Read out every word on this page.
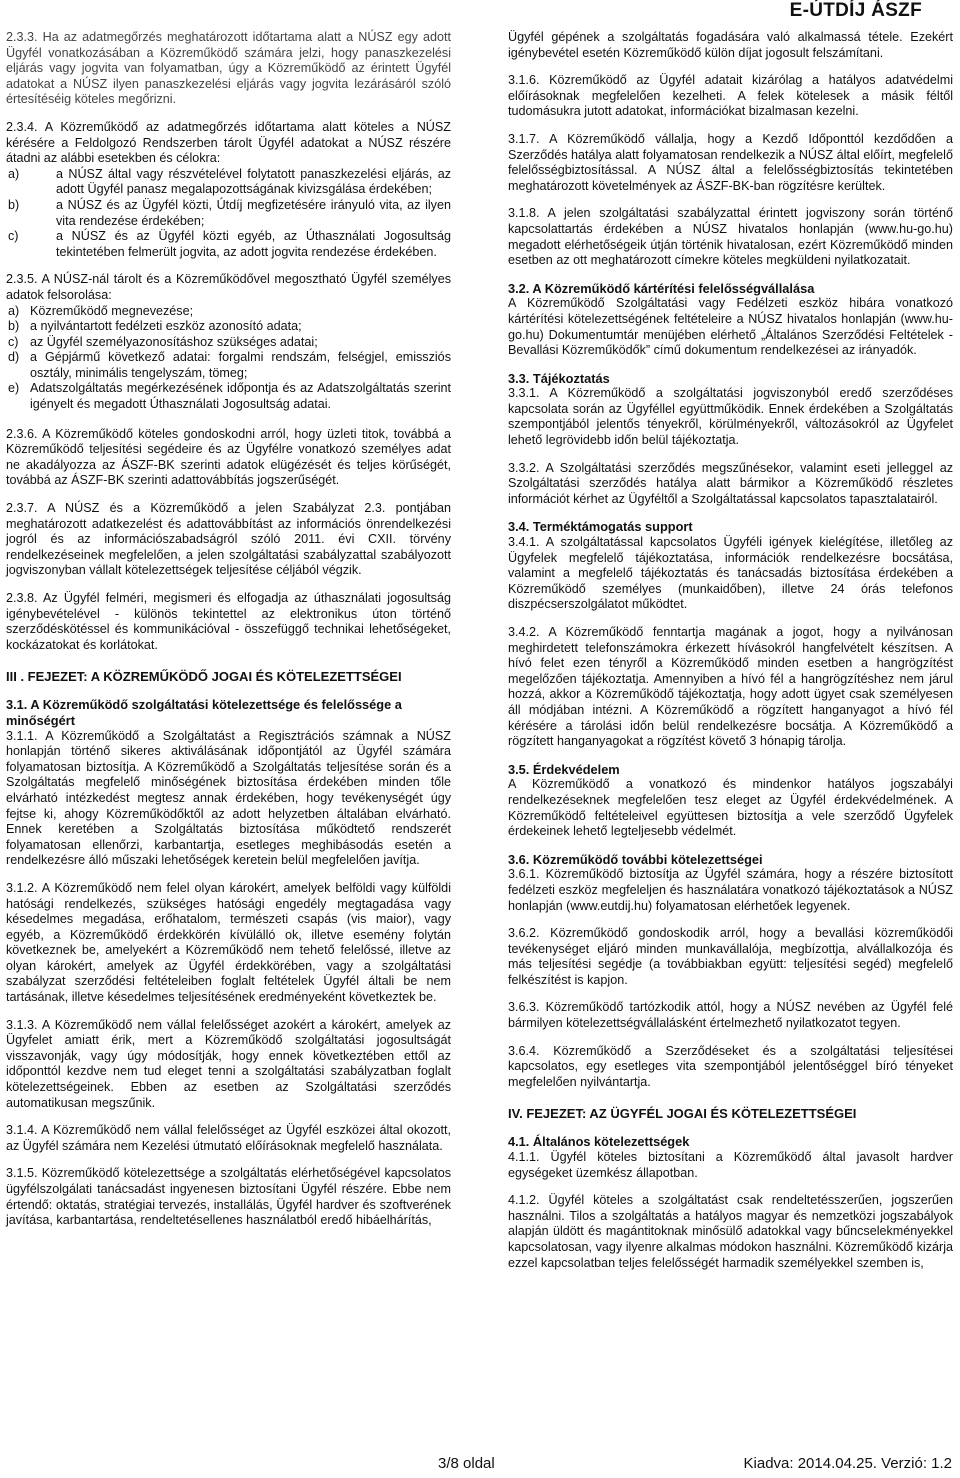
E-ÚTDÍJ ÁSZF

2.3.3. Ha az adatmegőrzés meghatározott időtartama alatt a NÚSZ egy adott Ügyfél vonatkozásában a Közreműködő számára jelzi, hogy panaszkezelési eljárás vagy jogvita van folyamatban, úgy a Közreműködő az érintett Ügyfél adatokat a NÚSZ ilyen panaszkezelési eljárás vagy jogvita lezárásáról szóló értesítéséig köteles megőrizni.

2.3.4. A Közreműködő az adatmegőrzés időtartama alatt köteles a NÚSZ kérésére a Feldolgozó Rendszerben tárolt Ügyfél adatokat a NÚSZ részére átadni az alábbi esetekben és célokra:

a)	a NÚSZ által vagy részvételével folytatott panaszkezelési eljárás, az adott Ügyfél panasz megalapozottságának kivizsgálása érdekében;
b)	a NÚSZ és az Ügyfél közti, Útdíj megfizetésére irányuló vita, az ilyen vita rendezése érdekében;
c)	a NÚSZ és az Ügyfél közti egyéb, az Úthasználati Jogosultság tekintetében felmerült jogvita, az adott jogvita rendezése érdekében.

2.3.5. A NÚSZ-nál tárolt és a Közreműködővel megosztható Ügyfél személyes adatok felsorolása:

a) Közreműködő megnevezése;
b) a nyilvántartott fedélzeti eszköz azonosító adata;
c) az Ügyfél személyazonosításhoz szükséges adatai;
d) a Gépjármű következő adatai: forgalmi rendszám, felségjel, emissziós osztály, minimális tengelyszám, tömeg;
e) Adatszolgáltatás megérkezésének időpontja és az Adatszolgáltatás szerint igényelt és megadott Úthasználati Jogosultság adatai.

2.3.6. A Közreműködő köteles gondoskodni arról, hogy üzleti titok, továbbá a Közreműködő teljesítési segédeire és az Ügyfélre vonatkozó személyes adat ne akadályozza az ÁSZF-BK szerinti adatok elügézését és teljes körűségét, továbbá az ÁSZF-BK szerinti adattovábbítás jogszerűségét.

2.3.7. A NÚSZ és a Közreműködő a jelen Szabályzat 2.3. pontjában meghatározott adatkezelést és adattovábbítást az információs önrendelkezési jogról és az információszabadságról szóló 2011. évi CXII. törvény rendelkezéseinek megfelelően, a jelen szolgáltatási szabályzattal szabályozott jogviszonyban vállalt kötelezettségek teljesítése céljából végzik.

2.3.8. Az Ügyfél felméri, megismeri és elfogadja az úthasználati jogosultság igénybevételével - különös tekintettel az elektronikus úton történő szerződéskötéssel és kommunikációval - összefüggő technikai lehetőségeket, kockázatokat és korlátokat.

III . FEJEZET: A KÖZREMŰKÖDŐ JOGAI ÉS KÖTELEZETTSÉGEI
3.1. A Közreműködő szolgáltatási kötelezettsége és felelőssége a minőségért

3.1.1. A Közreműködő a Szolgáltatást a Regisztrációs számnak a NÚSZ honlapján történő sikeres aktiválásának időpontjától az Ügyfél számára folyamatosan biztosítja. A Közreműködő a Szolgáltatás teljesítése során és a Szolgáltatás megfelelő minőségének biztosítása érdekében minden tőle elvárható intézkedést megtesz annak érdekében, hogy tevékenységét úgy fejtse ki, ahogy Közreműködőktől az adott helyzetben általában elvárható. Ennek keretében a Szolgáltatás biztosítása működtető rendszerét folyamatosan ellenőrzi, karbantartja, esetleges meghibásodás esetén a rendelkezésre álló műszaki lehetőségek keretein belül megfelelően javítja.

3.1.2. A Közreműködő nem felel olyan károkért, amelyek belföldi vagy külföldi hatósági rendelkezés, szükséges hatósági engedély megtagadása vagy késedelmes megadása, erőhatalom, természeti csapás (vis maior), vagy egyéb, a Közreműködő érdekkörén kívülálló ok, illetve esemény folytán következnek be, amelyekért a Közreműködő nem tehető felelőssé, illetve az olyan károkért, amelyek az Ügyfél érdekkörében, vagy a szolgáltatási szabályzat szerződési feltételeiben foglalt feltételek Ügyfél általi be nem tartásának, illetve késedelmes teljesítésének eredményeként következtek be.

3.1.3. A Közreműködő nem vállal felelősséget azokért a károkért, amelyek az Ügyfelet amiatt érik, mert a Közreműködő szolgáltatási jogosultságát visszavonják, vagy úgy módosítják, hogy ennek következtében ettől az időponttól kezdve nem tud eleget tenni a szolgáltatási szabályzatban foglalt kötelezettségeinek. Ebben az esetben az Szolgáltatási szerződés automatikusan megszűnik.

3.1.4. A Közreműködő nem vállal felelősséget az Ügyfél eszközei által okozott, az Ügyfél számára nem Kezelési útmutató előírásoknak megfelelő használata.

3.1.5. Közreműködő kötelezettsége a szolgáltatás elérhetőségével kapcsolatos ügyfélszolgálati tanácsadást ingyenesen biztosítani Ügyfél részére. Ebbe nem értendő: oktatás, stratégiai tervezés, installálás, Ügyfél hardver és szoftverének javítása, karbantartása, rendeltetésellenes használatból eredő hibáelhárítás,

Ügyfél gépének a szolgáltatás fogadására való alkalmassá tétele. Ezekért igénybevétel esetén Közreműködő külön díjat jogosult felszámítani.

3.1.6. Közreműködő az Ügyfél adatait kizárólag a hatályos adatvédelmi előírásoknak megfelelően kezelheti. A felek kötelesek a másik féltől tudomásukra jutott adatokat, információkat bizalmasan kezelni.

3.1.7. A Közreműködő vállalja, hogy a Kezdő Időponttól kezdődően a Szerződés hatálya alatt folyamatosan rendelkezik a NÚSZ által előírt, megfelelő felelősségbiztosítással. A NÚSZ által a felelősségbiztosítás tekintetében meghatározott követelmények az ÁSZF-BK-ban rögzítésre kerültek.

3.1.8. A jelen szolgáltatási szabályzattal érintett jogviszony során történő kapcsolattartás érdekében a NÚSZ hivatalos honlapján (www.hu-go.hu) megadott elérhetőségeik útján történik hivatalosan, ezért Közreműködő minden esetben az ott meghatározott címekre köteles megküldeni nyilatkozatait.

3.2. A Közreműködő kártérítési felelősségvállalása

A Közreműködő Szolgáltatási vagy Fedélzeti eszköz hibára vonatkozó kártérítési kötelezettségének feltételeire a NÚSZ hivatalos honlapján (www.hu-go.hu) Dokumentumtár menüjében elérhető „Általános Szerződési Feltételek - Bevallási Közreműködők” című dokumentum rendelkezései az irányadók.

3.3. Tájékoztatás

3.3.1. A Közreműködő a szolgáltatási jogviszonyból eredő szerződéses kapcsolata során az Ügyféllel együttműködik. Ennek érdekében a Szolgáltatás szempontjából jelentős tényekről, körülményekről, változásokról az Ügyfelet lehető legrövidebb időn belül tájékoztatja.

3.3.2. A Szolgáltatási szerződés megszűnésekor, valamint eseti jelleggel az Szolgáltatási szerződés hatálya alatt bármikor a Közreműködő részletes információt kérhet az Ügyféltől a Szolgáltatással kapcsolatos tapasztalatairól.

3.4. Terméktámogatás support

3.4.1. A szolgáltatással kapcsolatos Ügyféli igények kielégítése, illetőleg az Ügyfelek megfelelő tájékoztatása, információk rendelkezésre bocsátása, valamint a megfelelő tájékoztatás és tanácsadás biztosítása érdekében a Közreműködő személyes (munkaidőben), illetve 24 órás telefonos diszpécserszolgálatot működtet.

3.4.2. A Közreműködő fenntartja magának a jogot, hogy a nyilvánosan meghirdetett telefonszámokra érkezett hívásokról hangfelvételt készítsen. A hívó felet ezen tényről a Közreműködő minden esetben a hangrögzítést megelőzően tájékoztatja. Amennyiben a hívó fél a hangrögzítéshez nem járul hozzá, akkor a Közreműködő tájékoztatja, hogy adott ügyet csak személyesen áll módjában intézni. A Közreműködő a rögzített hanganyagot a hívó fél kérésére a tárolási időn belül rendelkezésre bocsátja. A Közreműködő a rögzített hanganyagokat a rögzítést követő 3 hónapig tárolja.

3.5. Érdekvédelem

A Közreműködő a vonatkozó és mindenkor hatályos jogszabályi rendelkezéseknek megfelelően tesz eleget az Ügyfél érdekvédelmének. A Közreműködő feltételeivel együttesen biztosítja a vele szerződő Ügyfelek érdekeinek lehető legteljesebb védelmét.

3.6. Közreműködő további kötelezettségei

3.6.1. Közreműködő biztosítja az Ügyfél számára, hogy a részére biztosított fedélzeti eszköz megfeleljen és használatára vonatkozó tájékoztatások a NÚSZ honlapján (www.eutdij.hu) folyamatosan elérhetőek legyenek.

3.6.2. Közreműködő gondoskodik arról, hogy a bevallási közreműködői tevékenységet eljáró minden munkavállalója, megbízottja, alvállalkozója és más teljesítési segédje (a továbbiakban együtt: teljesítési segéd) megfelelő felkészítést is kapjon.

3.6.3. Közreműködő tartózkodik attól, hogy a NÚSZ nevében az Ügyfél felé bármilyen kötelezettségvállalásként értelmezhető nyilatkozatot tegyen.

3.6.4. Közreműködő a Szerződéseket és a szolgáltatási teljesítései kapcsolatos, egy esetleges vita szempontjából jelentőséggel bíró tényeket megfelelően nyilvántartja.

IV. FEJEZET: AZ ÜGYFÉL JOGAI ÉS KÖTELEZETTSÉGEI
4.1. Általános kötelezettségek

4.1.1. Ügyfél köteles biztosítani a Közreműködő által javasolt hardver egységeket üzemkész állapotban.

4.1.2. Ügyfél köteles a szolgáltatást csak rendeltetésszerűen, jogszerűen használni. Tilos a szolgáltatás a hatályos magyar és nemzetközi jogszabályok alapján üldött és magántitoknak minősülő adatokkal vagy bűncselekményekkel kapcsolatosan, vagy ilyenre alkalmas módokon használni. Közreműködő kizárja ezzel kapcsolatban teljes felelősségét harmadik személyekkel szemben is,

3/8 oldal	Kiadva: 2014.04.25. Verzió: 1.2
